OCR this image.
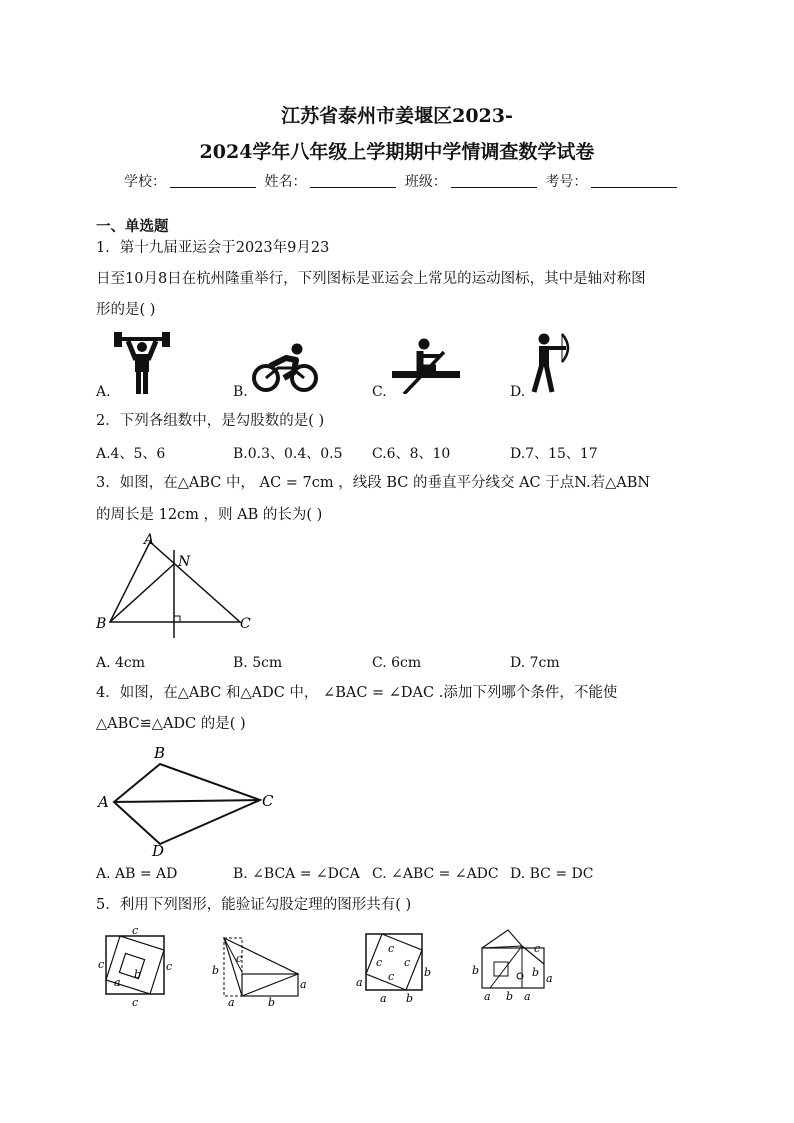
江苏省泰州市姜堰区2023-
2024学年八年级上学期期中学情调查数学试卷
学校：	姓名：	班级：	考号：
一、单选题
1．第十九届亚运会于2023年9月23
日至10月8日在杭州隆重举行，下列图标是亚运会上常见的运动图标，其中是轴对称图
形的是( )
A.	B.	C.	D.
2．下列各组数中，是勾股数的是( )
A.4、5、6	B.0.3、0.4、0.5 C.6、8、10	D.7、15、17
3．如图，在△ABC 中， AC = 7cm ，线段 BC 的垂直平分线交 AC 于点N.若△ABN
的周长是 12cm ，则 AB 的长为( )
A
N
B	C
A. 4cm	B. 5cm	C. 6cm	D. 7cm
4．如图，在△ABC 和△ADC 中， ∠BAC = ∠DAC .添加下列哪个条件，不能使
△ABC≌△ADC 的是( )
B
A	C
D
A. AB = AD	B. ∠BCA = ∠DCA C. ∠ABC = ∠ADC D. BC = DC
5．利用下列图形，能验证勾股定理的图形共有( )
c
c	c
b
a
c
b
c
a
a	b
c
c c
c
a
b
a b
c
b
a
a b a
b
